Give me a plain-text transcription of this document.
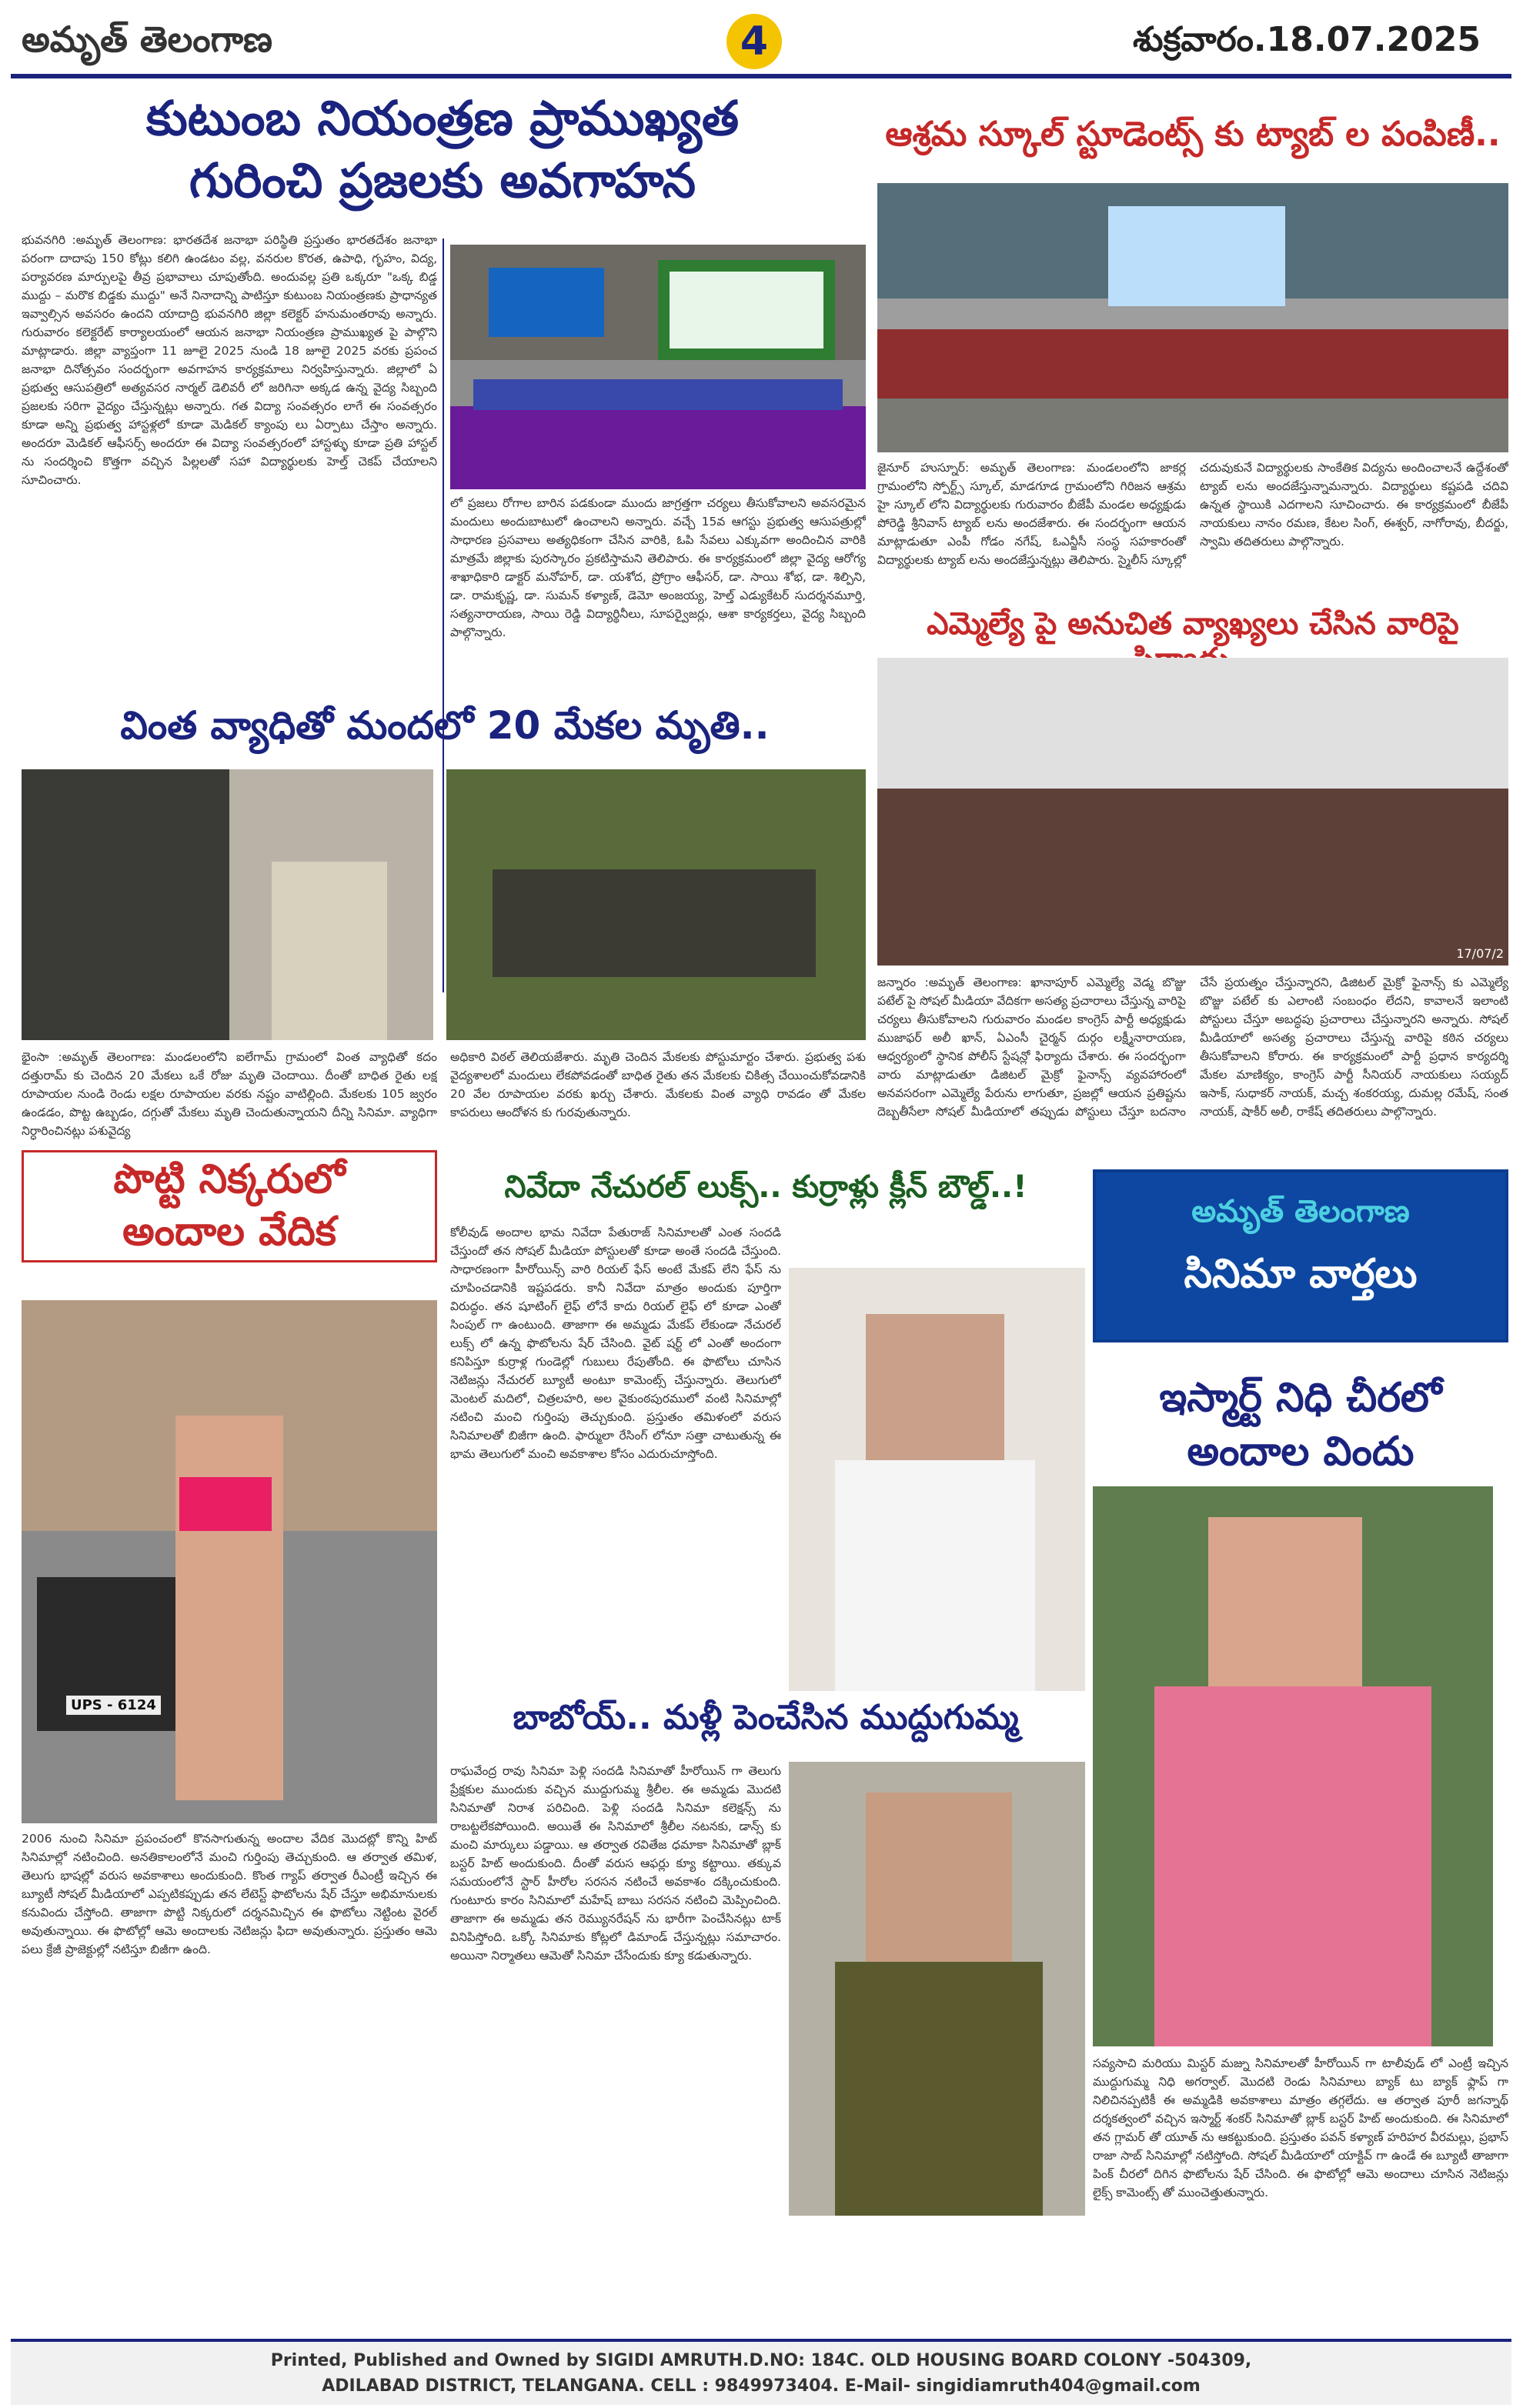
అమృత్ తెలంగాణ	4	శుక్రవారం.18.07.2025
కుటుంబ నియంత్రణ ప్రాముఖ్యత
గురించి ప్రజలకు అవగాహన
భువనగిరి :అమృత్ తెలంగాణ: భారతదేశ జనాభా పరిస్థితి ప్రస్తుతం భారతదేశం జనాభా పరంగా దాదాపు 150 కోట్లు కలిగి ఉండటం వల్ల, వనరుల కొరత, ఉపాధి, గృహం, విద్య, పర్యావరణ మార్పులపై తీవ్ర ప్రభావాలు చూపుతోంది. అందువల్ల ప్రతి ఒక్కరూ "ఒక్క బిడ్డ ముద్దు – మరొక బిడ్డకు ముద్దు" అనే నినాదాన్ని పాటిస్తూ కుటుంబ నియంత్రణకు ప్రాధాన్యత ఇవ్వాల్సిన అవసరం ఉందని యాదాద్రి భువనగిరి జిల్లా కలెక్టర్ హనుమంతరావు అన్నారు. గురువారం కలెక్టరేట్ కార్యాలయంలో ఆయన జనాభా నియంత్రణ ప్రాముఖ్యత పై పాల్గొని మాట్లాడారు. జిల్లా వ్యాప్తంగా 11 జూలై 2025 నుండి 18 జూలై 2025 వరకు ప్రపంచ జనాభా దినోత్సవం సందర్భంగా అవగాహన కార్యక్రమాలు నిర్వహిస్తున్నారు. జిల్లాలో ఏ ప్రభుత్వ ఆసుపత్రిలో అత్యవసర నార్మల్ డెలివరీ లో జరిగినా అక్కడ ఉన్న వైద్య సిబ్బంది ప్రజలకు సరిగా వైద్యం చేస్తున్నట్లు అన్నారు. గత విద్యా సంవత్సరం లాగే ఈ సంవత్సరం కూడా అన్ని ప్రభుత్వ హాస్టళ్లలో కూడా మెడికల్ క్యాంపు లు ఏర్పాటు చేస్తాం అన్నారు. అందరూ మెడికల్ ఆఫీసర్స్ అందరూ ఈ విద్యా సంవత్సరంలో హాస్టళ్ళు కూడా ప్రతి హాస్టల్ ను సందర్శించి కొత్తగా వచ్చిన పిల్లలతో సహా విద్యార్థులకు హెల్త్ చెకప్ చేయాలని సూచించారు.
లో ప్రజలు రోగాల బారిన పడకుండా ముందు జాగ్రత్తగా చర్యలు తీసుకోవాలని అవసరమైన మందులు అందుబాటులో ఉంచాలని అన్నారు. వచ్చే 15వ ఆగస్టు ప్రభుత్వ ఆసుపత్రుల్లో సాధారణ ప్రసవాలు అత్యధికంగా చేసిన వారికి, ఓపి సేవలు ఎక్కువగా అందించిన వారికి మాత్రమే జిల్లాకు పురస్కారం ప్రకటిస్తామని తెలిపారు. ఈ కార్యక్రమంలో జిల్లా వైద్య ఆరోగ్య శాఖాధికారి డాక్టర్ మనోహర్, డా. యశోద, ప్రోగ్రాం ఆఫీసర్, డా. సాయి శోభ, డా. శిల్పిని, డా. రామకృష్ణ, డా. సుమన్ కళ్యాణ్, డెమో అంజయ్య, హెల్త్ ఎడ్యుకేటర్ సుదర్శనమూర్తి, సత్యనారాయణ, సాయి రెడ్డి విద్యార్థినీలు, సూపర్వైజర్లు, ఆశా కార్యకర్తలు, వైద్య సిబ్బంది పాల్గొన్నారు.
ఆశ్రమ స్కూల్ స్టూడెంట్స్ కు ట్యాబ్ ల పంపిణీ..
జైనూర్ హుస్నూర్: అమృత్ తెలంగాణ: మండలంలోని జాకర్ల గ్రామంలోని స్పోర్ట్స్ స్కూల్, మాడగూడ గ్రామంలోని గిరిజన ఆశ్రమ హై స్కూల్ లోని విద్యార్థులకు గురువారం బీజేపీ మండల అధ్యక్షుడు పోరెడ్డి శ్రీనివాస్ ట్యాబ్ లను అందజేశారు. ఈ సందర్భంగా ఆయన మాట్లాడుతూ ఎంపీ గోడం నగేష్, ఓఎన్జీసీ సంస్థ సహకారంతో విద్యార్థులకు ట్యాబ్ లను అందజేస్తున్నట్లు తెలిపారు. స్మైలీస్ స్కూల్లో చదువుకునే విద్యార్థులకు సాంకేతిక విద్యను అందించాలనే ఉద్దేశంతో ట్యాబ్ లను అందజేస్తున్నామన్నారు. విద్యార్థులు కష్టపడి చదివి ఉన్నత స్థాయికి ఎదగాలని సూచించారు. ఈ కార్యక్రమంలో బీజేపీ నాయకులు నానం రమణ, కేటల సింగ్, ఈశ్వర్, నాగోరావు, బీదర్జు, స్వామి తదితరులు పాల్గొన్నారు.
ఎమ్మెల్యే పై అనుచిత వ్యాఖ్యలు చేసిన వారిపై
17/07/2
జన్నారం :అమృత్ తెలంగాణ: ఖానాపూర్ ఎమ్మెల్యే వెడ్మ బొజ్జు పటేల్ పై సోషల్ మీడియా వేదికగా అసత్య ప్రచారాలు చేస్తున్న వారిపై చర్యలు తీసుకోవాలని గురువారం మండల కాంగ్రెస్ పార్టీ అధ్యక్షుడు ముజాఫర్ అలీ ఖాన్, ఏఎంసీ చైర్మన్ దుర్గం లక్ష్మీనారాయణ, ఆధ్వర్యంలో స్థానిక పోలీస్ స్టేషన్లో ఫిర్యాదు చేశారు. ఈ సందర్భంగా వారు మాట్లాడుతూ డిజిటల్ మైక్రో ఫైనాన్స్ వ్యవహారంలో అనవసరంగా ఎమ్మెల్యే పేరును లాగుతూ, ప్రజల్లో ఆయన ప్రతిష్టను దెబ్బతీసేలా సోషల్ మీడియాలో తప్పుడు పోస్టులు చేస్తూ బదనాం చేసే ప్రయత్నం చేస్తున్నారని, డిజిటల్ మైక్రో ఫైనాన్స్ కు ఎమ్మెల్యే బొజ్జు పటేల్ కు ఎలాంటి సంబంధం లేదని, కావాలనే ఇలాంటి పోస్టులు చేస్తూ అబద్ధపు ప్రచారాలు చేస్తున్నారని అన్నారు. సోషల్ మీడియాలో అసత్య ప్రచారాలు చేస్తున్న వారిపై కఠిన చర్యలు తీసుకోవాలని కోరారు. ఈ కార్యక్రమంలో పార్టీ ప్రధాన కార్యదర్శి మేకల మాణిక్యం, కాంగ్రెస్ పార్టీ సీనియర్ నాయకులు సయ్యద్ ఇసాక్, సుధాకర్ నాయక్, మచ్చ శంకరయ్య, దుమల్ల రమేష్, సంత నాయక్, షాకీర్ అలీ, రాకేష్ తదితరులు పాల్గొన్నారు.
వింత వ్యాధితో మందలో 20 మేకల మృతి..
భైంసా :అమృత్ తెలంగాణ: మండలంలోని ఐలేగామ్ గ్రామంలో వింత వ్యాధితో కదం దత్తురామ్ కు చెందిన 20 మేకలు ఒకే రోజు మృతి చెందాయి. దీంతో బాధిత రైతు లక్ష రూపాయల నుండి రెండు లక్షల రూపాయల వరకు నష్టం వాటిల్లింది. మేకలకు 105 జ్వరం ఉండడం, పొట్ట ఉబ్బడం, దగ్గుతో మేకలు మృతి చెందుతున్నాయని దీన్ని సినిమా. వ్యాధిగా నిర్ధారించినట్లు పశువైద్య
అధికారి విఠల్ తెలియజేశారు. మృతి చెందిన మేకలకు పోస్టుమార్టం చేశారు. ప్రభుత్వ పశు వైద్యశాలలో మందులు లేకపోవడంతో బాధిత రైతు తన మేకలకు చికిత్స చేయించుకోవడానికి 20 వేల రూపాయల వరకు ఖర్చు చేశారు. మేకలకు వింత వ్యాధి రావడం తో మేకల కాపరులు ఆందోళన కు గురవుతున్నారు.
పొట్టి నిక్కరులో
అందాల వేదిక
UPS - 6124
2006 నుంచి సినిమా ప్రపంచంలో కొనసాగుతున్న అందాల వేదిక మొదట్లో కొన్ని హిట్ సినిమాల్లో నటించింది. అనతికాలంలోనే మంచి గుర్తింపు తెచ్చుకుంది. ఆ తర్వాత తమిళ, తెలుగు భాషల్లో వరుస అవకాశాలు అందుకుంది. కొంత గ్యాప్ తర్వాత రీఎంట్రీ ఇచ్చిన ఈ బ్యూటీ సోషల్ మీడియాలో ఎప్పటికప్పుడు తన లేటెస్ట్ ఫొటోలను షేర్ చేస్తూ అభిమానులకు కనువిందు చేస్తోంది. తాజాగా పొట్టి నిక్కరులో దర్శనమిచ్చిన ఈ ఫొటోలు నెట్టింట వైరల్ అవుతున్నాయి. ఈ ఫొటోల్లో ఆమె అందాలకు నెటిజన్లు ఫిదా అవుతున్నారు. ప్రస్తుతం ఆమె పలు క్రేజీ ప్రాజెక్టుల్లో నటిస్తూ బిజీగా ఉంది.
నివేదా నేచురల్ లుక్స్.. కుర్రాళ్లు క్లీన్ బౌల్డ్..!
కోలీవుడ్ అందాల భామ నివేదా పేతురాజ్ సినిమాలతో ఎంత సందడి చేస్తుందో తన సోషల్ మీడియా పోస్టులతో కూడా అంతే సందడి చేస్తుంది. సాధారణంగా హీరోయిన్స్ వారి రియల్ ఫేస్ అంటే మేకప్ లేని ఫేస్ ను చూపించడానికి ఇష్టపడరు. కానీ నివేదా మాత్రం అందుకు పూర్తిగా విరుద్ధం. తన షూటింగ్ లైఫ్ లోనే కాదు రియల్ లైఫ్ లో కూడా ఎంతో సింపుల్ గా ఉంటుంది. తాజాగా ఈ అమ్మడు మేకప్ లేకుండా నేచురల్ లుక్స్ లో ఉన్న ఫొటోలను షేర్ చేసింది. వైట్ షర్ట్ లో ఎంతో అందంగా కనిపిస్తూ కుర్రాళ్ల గుండెల్లో గుబులు రేపుతోంది. ఈ ఫొటోలు చూసిన నెటిజన్లు నేచురల్ బ్యూటీ అంటూ కామెంట్స్ చేస్తున్నారు. తెలుగులో మెంటల్ మదిలో, చిత్రలహరి, అల వైకుంఠపురములో వంటి సినిమాల్లో నటించి మంచి గుర్తింపు తెచ్చుకుంది. ప్రస్తుతం తమిళంలో వరుస సినిమాలతో బిజీగా ఉంది. ఫార్ములా రేసింగ్ లోనూ సత్తా చాటుతున్న ఈ భామ తెలుగులో మంచి అవకాశాల కోసం ఎదురుచూస్తోంది.
అమృత్ తెలంగాణ
సినిమా వార్తలు
ఇస్మార్ట్ నిధి చీరలో
అందాల విందు
సవ్యసాచి మరియు మిస్టర్ మజ్ను సినిమాలతో హీరోయిన్ గా టాలీవుడ్ లో ఎంట్రీ ఇచ్చిన ముద్దుగుమ్మ నిధి అగర్వాల్. మొదటి రెండు సినిమాలు బ్యాక్ టు బ్యాక్ ఫ్లాప్ గా నిలిచినప్పటికీ ఈ అమ్మడికి అవకాశాలు మాత్రం తగ్గలేదు. ఆ తర్వాత పూరీ జగన్నాథ్ దర్శకత్వంలో వచ్చిన ఇస్మార్ట్ శంకర్ సినిమాతో బ్లాక్ బస్టర్ హిట్ అందుకుంది. ఈ సినిమాలో తన గ్లామర్ తో యూత్ ను ఆకట్టుకుంది. ప్రస్తుతం పవన్ కళ్యాణ్ హరిహర వీరమల్లు, ప్రభాస్ రాజా సాబ్ సినిమాల్లో నటిస్తోంది. సోషల్ మీడియాలో యాక్టివ్ గా ఉండే ఈ బ్యూటీ తాజాగా పింక్ చీరలో దిగిన ఫొటోలను షేర్ చేసింది. ఈ ఫొటోల్లో ఆమె అందాలు చూసిన నెటిజన్లు లైక్స్ కామెంట్స్ తో ముంచెత్తుతున్నారు.
బాబోయ్.. మళ్లీ పెంచేసిన ముద్దుగుమ్మ
రాఘవేంద్ర రావు సినిమా పెళ్లి సందడి సినిమాతో హీరోయిన్ గా తెలుగు ప్రేక్షకుల ముందుకు వచ్చిన ముద్దుగుమ్మ శ్రీలీల. ఈ అమ్మడు మొదటి సినిమాతో నిరాశ పరిచింది. పెళ్లి సందడి సినిమా కలెక్షన్స్ ను రాబట్టలేకపోయింది. అయితే ఈ సినిమాలో శ్రీలీల నటనకు, డాన్స్ కు మంచి మార్కులు పడ్డాయి. ఆ తర్వాత రవితేజ ధమాకా సినిమాతో బ్లాక్ బస్టర్ హిట్ అందుకుంది. దీంతో వరుస ఆఫర్లు క్యూ కట్టాయి. తక్కువ సమయంలోనే స్టార్ హీరోల సరసన నటించే అవకాశం దక్కించుకుంది. గుంటూరు కారం సినిమాలో మహేష్ బాబు సరసన నటించి మెప్పించింది. తాజాగా ఈ అమ్మడు తన రెమ్యునరేషన్ ను భారీగా పెంచేసినట్లు టాక్ వినిపిస్తోంది. ఒక్కో సినిమాకు కోట్లలో డిమాండ్ చేస్తున్నట్లు సమాచారం. అయినా నిర్మాతలు ఆమెతో సినిమా చేసేందుకు క్యూ కడుతున్నారు.
Printed, Published and Owned by SIGIDI AMRUTH.D.NO: 184C. OLD HOUSING BOARD COLONY -504309,
ADILABAD DISTRICT, TELANGANA. CELL : 9849973404. E-Mail- singidiamruth404@gmail.com
